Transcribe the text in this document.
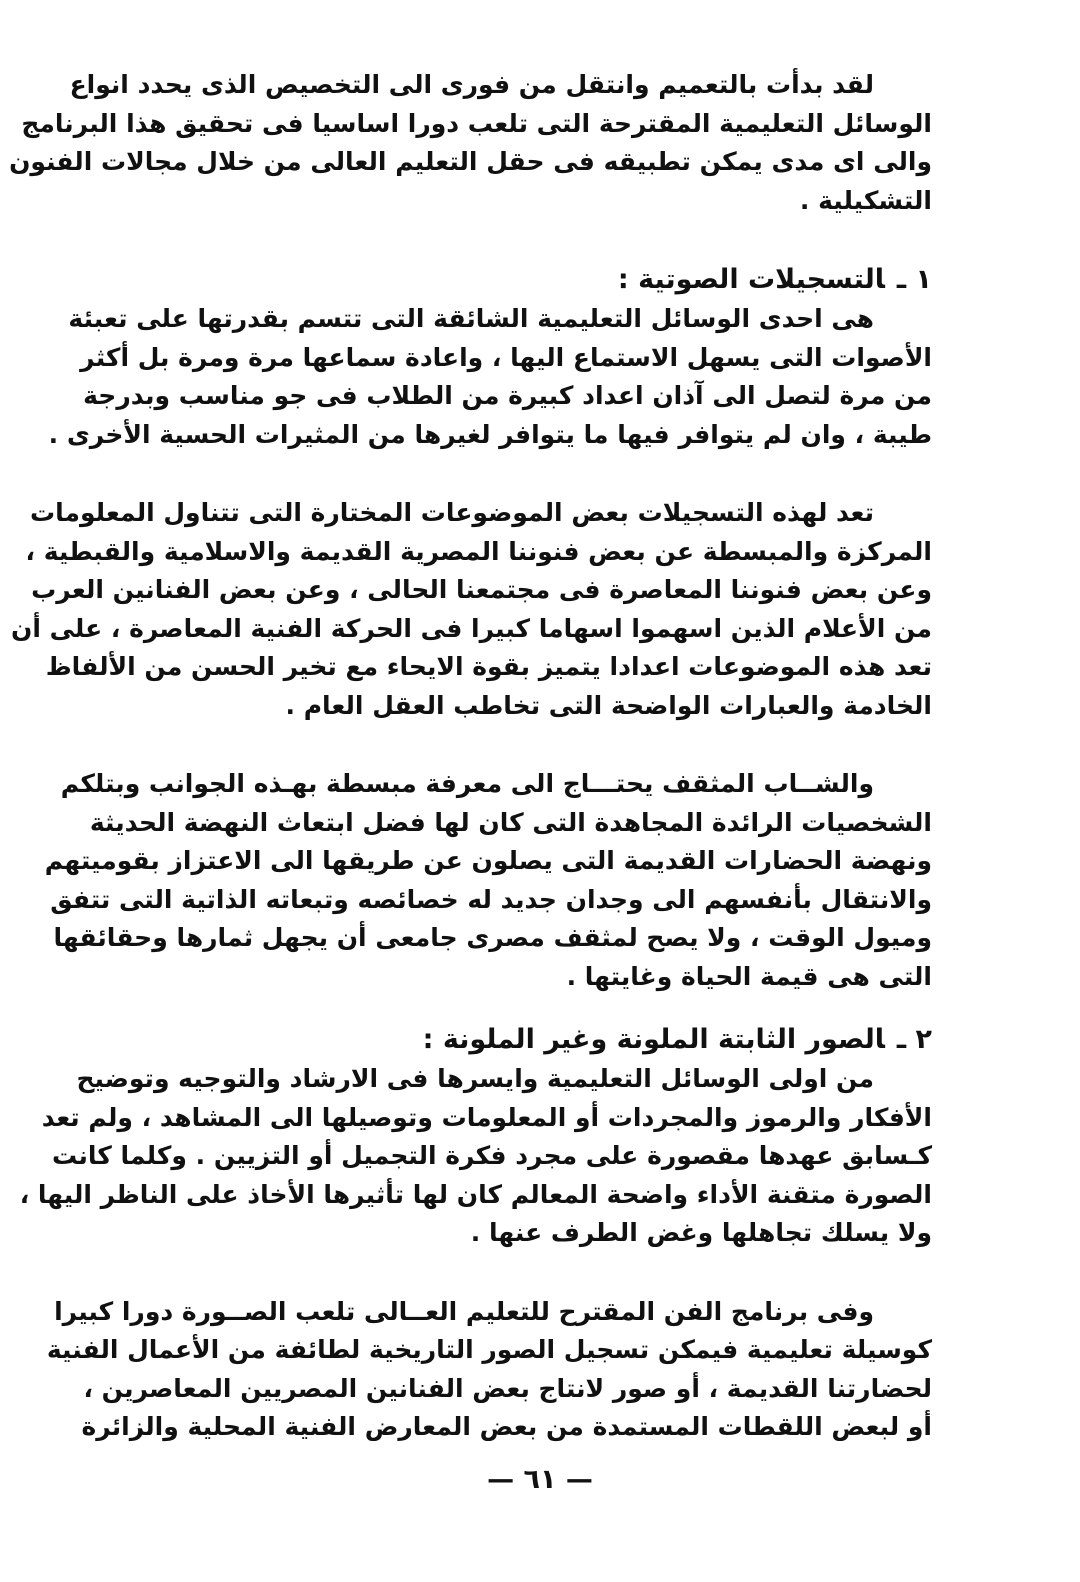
لقد بدأت بالتعميم وانتقل من فورى الى التخصيص الذى يحدد انواع
الوسائل التعليمية المقترحة التى تلعب دورا اساسيا فى تحقيق هذا البرنامج
والى اى مدى يمكن تطبيقه فى حقل التعليم العالى من خلال مجالات الفنون
التشكيلية .

١ ـالتسجيلات الصوتية :

هى احدى الوسائل التعليمية الشائقة التى تتسم بقدرتها على تعبئة
الأصوات التى يسهل الاستماع اليها ، واعادة سماعها مرة ومرة بل أكثر
من مرة لتصل الى آذان اعداد كبيرة من الطلاب فى جو مناسب وبدرجة
طيبة ، وان لم يتوافر فيها ما يتوافر لغيرها من المثيرات الحسية الأخرى .

تعد لهذه التسجيلات بعض الموضوعات المختارة التى تتناول المعلومات
المركزة والمبسطة عن بعض فنوننا المصرية القديمة والاسلامية والقبطية ،
وعن بعض فنوننا المعاصرة فى مجتمعنا الحالى ، وعن بعض الفنانين العرب
من الأعلام الذين اسهموا اسهاما كبيرا فى الحركة الفنية المعاصرة ، على أن
تعد هذه الموضوعات اعدادا يتميز بقوة الايحاء مع تخير الحسن من الألفاظ
الخادمة والعبارات الواضحة التى تخاطب العقل العام .

والشــاب المثقف يحتـــاج الى معرفة مبسطة بهـذه الجوانب وبتلكم
الشخصيات الرائدة المجاهدة التى كان لها فضل ابتعاث النهضة الحديثة
ونهضة الحضارات القديمة التى يصلون عن طريقها الى الاعتزاز بقوميتهم
والانتقال بأنفسهم الى وجدان جديد له خصائصه وتبعاته الذاتية التى تتفق
وميول الوقت ، ولا يصح لمثقف مصرى جامعى أن يجهل ثمارها وحقائقها
التى هى قيمة الحياة وغايتها .

٢ ـالصور الثابتة الملونة وغير الملونة :

من اولى الوسائل التعليمية وايسرها فى الارشاد والتوجيه وتوضيح
الأفكار والرموز والمجردات أو المعلومات وتوصيلها الى المشاهد ، ولم تعد
كـسابق عهدها مقصورة على مجرد فكرة التجميل أو التزيين . وكلما كانت
الصورة متقنة الأداء واضحة المعالم كان لها تأثيرها الأخاذ على الناظر اليها ،
ولا يسلك تجاهلها وغض الطرف عنها .

وفى برنامج الفن المقترح للتعليم العــالى تلعب الصــورة دورا كبيرا
كوسيلة تعليمية فيمكن تسجيل الصور التاريخية لطائفة من الأعمال الفنية
لحضارتنا القديمة ، أو صور لانتاج بعض الفنانين المصريين المعاصرين ،
أو لبعض اللقطات المستمدة من بعض المعارض الفنية المحلية والزائرة

— ٦١ —
